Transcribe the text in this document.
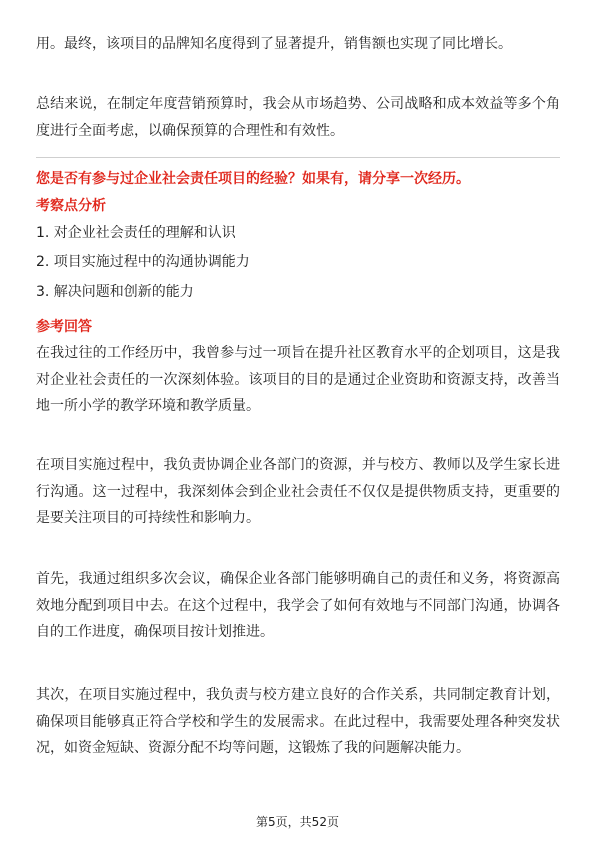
用。最终，该项目的品牌知名度得到了显著提升，销售额也实现了同比增长。

总结来说，在制定年度营销预算时，我会从市场趋势、公司战略和成本效益等多个角度进行全面考虑，以确保预算的合理性和有效性。

您是否有参与过企业社会责任项目的经验？如果有，请分享一次经历。

考察点分析

1. 对企业社会责任的理解和认识

2. 项目实施过程中的沟通协调能力

3. 解决问题和创新的能力

参考回答

在我过往的工作经历中，我曾参与过一项旨在提升社区教育水平的企划项目，这是我对企业社会责任的一次深刻体验。该项目的目的是通过企业资助和资源支持，改善当地一所小学的教学环境和教学质量。

在项目实施过程中，我负责协调企业各部门的资源，并与校方、教师以及学生家长进行沟通。这一过程中，我深刻体会到企业社会责任不仅仅是提供物质支持，更重要的是要关注项目的可持续性和影响力。

首先，我通过组织多次会议，确保企业各部门能够明确自己的责任和义务，将资源高效地分配到项目中去。在这个过程中，我学会了如何有效地与不同部门沟通，协调各自的工作进度，确保项目按计划推进。

其次，在项目实施过程中，我负责与校方建立良好的合作关系，共同制定教育计划，确保项目能够真正符合学校和学生的发展需求。在此过程中，我需要处理各种突发状况，如资金短缺、资源分配不均等问题，这锻炼了我的问题解决能力。

第5页，共52页
